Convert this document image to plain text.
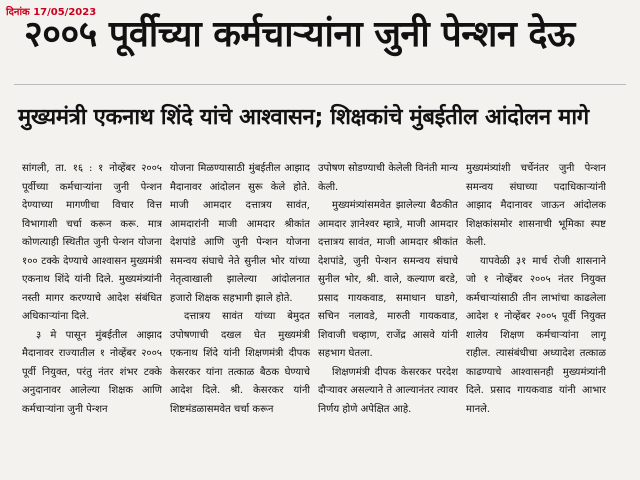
दिनांक 17/05/2023
२००५ पूर्वीच्या कर्मचाऱ्यांना जुनी पेन्शन देऊ
मुख्यमंत्री एकनाथ शिंदे यांचे आश्वासन; शिक्षकांचे मुंबईतील आंदोलन मागे

सांगली, ता. १६ : १ नोव्हेंबर २००५ पूर्वीच्या कर्मचाऱ्यांना जुनी पेन्शन देण्याच्या मागणीचा विचार वित्त विभागाशी चर्चा करून करू. मात्र कोणत्याही स्थितीत जुनी पेन्शन योजना १०० टक्के देण्याचे आश्वासन मुख्यमंत्री एकनाथ शिंदे यांनी दिले. मुख्यमंत्र्यांनी नस्ती मागर करण्याचे आदेश संबंधित अधिकाऱ्यांना दिले.

३ मे पासून मुंबईतील आझाद मैदानावर राज्यातील १ नोव्हेंबर २००५ पूर्वी नियुक्त, परंतु नंतर शंभर टक्के अनुदानावर आलेल्या शिक्षक आणि कर्मचाऱ्यांना जुनी पेन्शन

योजना मिळण्यासाठी मुंबईतील आझाद मैदानावर आंदोलन सुरू केले होते. माजी आमदार दत्तात्रय सावंत, आमदारांनी माजी आमदार श्रीकांत देशपांडे आणि जुनी पेन्शन योजना समन्वय संघाचे नेते सुनील भोर यांच्या नेतृत्वाखाली झालेल्या आंदोलनात हजारो शिक्षक सहभागी झाले होते.

दत्तात्रय सावंत यांच्या बेमुदत उपोषणाची दखल घेत मुख्यमंत्री एकनाथ शिंदे यांनी शिक्षणमंत्री दीपक केसरकर यांना तत्काळ बैठक घेण्याचे आदेश दिले. श्री. केसरकर यांनी शिष्टमंडळासमवेत चर्चा करून

उपोषण सोडण्याची केलेली विनंती मान्य केली.

मुख्यमंत्र्यांसमवेत झालेल्या बैठकीत आमदार ज्ञानेश्वर म्हात्रे, माजी आमदार दत्तात्रय सावंत, माजी आमदार श्रीकांत देशपांडे, जुनी पेन्शन समन्वय संघाचे सुनील भोर, श्री. वाले, कल्याण बरडे, प्रसाद गायकवाड, समाधान घाडगे, सचिन नलावडे, मारुती गायकवाड, शिवाजी चव्हाण, राजेंद्र आसवे यांनी सहभाग घेतला.

शिक्षणमंत्री दीपक केसरकर परदेश दौऱ्यावर असल्याने ते आल्यानंतर त्यावर निर्णय होणे अपेक्षित आहे.

मुख्यमंत्र्यांशी चर्चेनंतर जुनी पेन्शन समन्वय संघाच्या पदाधिकाऱ्यांनी आझाद मैदानावर जाऊन आंदोलक शिक्षकांसमोर शासनाची भूमिका स्पष्ट केली.

यापवेळी ३१ मार्च रोजी शासनाने जो १ नोव्हेंबर २००५ नंतर नियुक्त कर्मचाऱ्यांसाठी तीन लाभांचा काढलेला आदेश १ नोव्हेंबर २००५ पूर्वी नियुक्त शालेय शिक्षण कर्मचाऱ्यांना लागू राहील. त्यासंबंधीचा अध्यादेश तत्काळ काढण्याचे आश्वासनही मुख्यमंत्र्यांनी दिले. प्रसाद गायकवाड यांनी आभार मानले.
